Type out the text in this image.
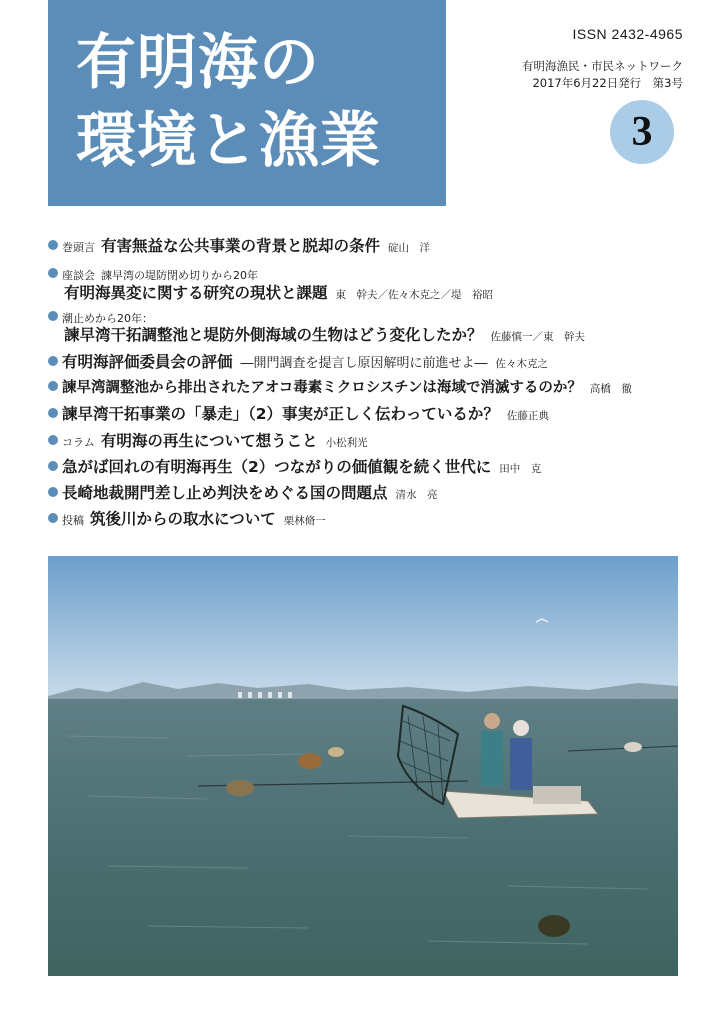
有明海の
環境と漁業
ISSN 2432-4965
有明海漁民・市民ネットワーク
2017年6月22日発行　第3号
3
巻頭言 有害無益な公共事業の背景と脱却の条件 碇山　洋
座談会 諫早湾の堤防閉め切りから20年
有明海異変に関する研究の現状と課題 東　幹夫／佐々木克之／堤　裕昭
潮止めから20年：
諫早湾干拓調整池と堤防外側海域の生物はどう変化したか？ 佐藤慎一／東　幹夫
有明海評価委員会の評価 ―開門調査を提言し原因解明に前進せよ― 佐々木克之
諫早湾調整池から排出されたアオコ毒素ミクロシスチンは海域で消滅するのか？ 高橋　徹
諫早湾干拓事業の「暴走」（2）事実が正しく伝わっているか？ 佐藤正典
コラム 有明海の再生について想うこと 小松利光
急がば回れの有明海再生（2）つながりの価値観を続く世代に 田中　克
長崎地裁開門差し止め判決をめぐる国の問題点 清水　亮
投稿 筑後川からの取水について 栗林脩一
